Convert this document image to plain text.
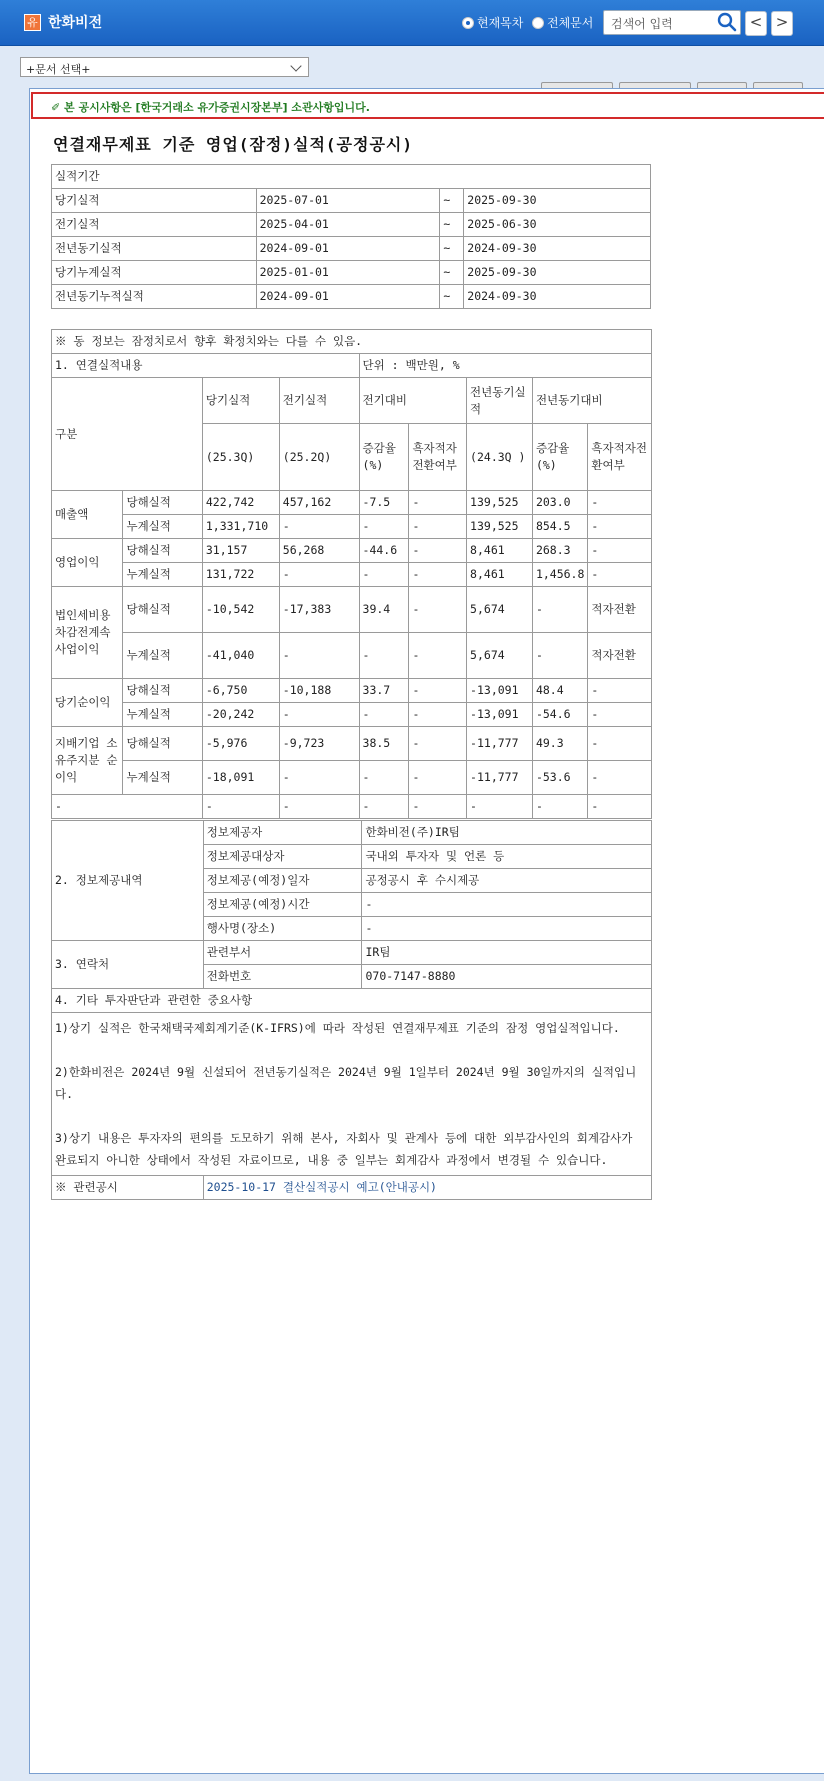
유 한화비전	현재목차 전체문서	검색어 입력	< >
+문서 선택+
✐ 본 공시사항은 [한국거래소 유가증권시장본부] 소관사항입니다.
연결재무제표 기준 영업(잠정)실적(공정공시)
실적기간			
당기실적	2025-07-01	~	2025-09-30
전기실적	2025-04-01	~	2025-06-30
전년동기실적	2024-09-01	~	2024-09-30
당기누계실적	2025-01-01	~	2025-09-30
전년동기누적실적	2024-09-01	~	2024-09-30
※ 동 정보는 잠정치로서 향후 확정치와는 다를 수 있음.								
1. 연결실적내용				단위 : 백만원, %				
구분		당기실적	전기실적	전기대비		전년동기실적	전년동기대비	
		(25.3Q)	(25.2Q)	증감율(%)	흑자적자전환여부	(24.3Q )	증감율(%)	흑자적자전환여부
매출액	당해실적	422,742	457,162	-7.5	-	139,525	203.0	-
	누계실적	1,331,710	-	-	-	139,525	854.5	-
영업이익	당해실적	31,157	56,268	-44.6	-	8,461	268.3	-
	누계실적	131,722	-	-	-	8,461	1,456.8	-
법인세비용차감전계속사업이익	당해실적	-10,542	-17,383	39.4	-	5,674	-	적자전환
	누계실적	-41,040	-	-	-	5,674	-	적자전환
당기순이익	당해실적	-6,750	-10,188	33.7	-	-13,091	48.4	-
	누계실적	-20,242	-	-	-	-13,091	-54.6	-
지배기업 소유주지분 순이익	당해실적	-5,976	-9,723	38.5	-	-11,777	49.3	-
	누계실적	-18,091	-	-	-	-11,777	-53.6	-
-		-	-	-	-	-	-	-
2. 정보제공내역	정보제공자	한화비전(주)IR팀
	정보제공대상자	국내외 투자자 및 언론 등
	정보제공(예정)일자	공정공시 후 수시제공
	정보제공(예정)시간	-
	행사명(장소)	-
3. 연락처	관련부서	IR팀
	전화번호	070-7147-8880
4. 기타 투자판단과 관련한 중요사항		

1)상기 실적은 한국채택국제회계기준(K-IFRS)에 따라 작성된 연결재무제표 기준의 잠정 영업실적입니다.

2)한화비전은 2024년 9월 신설되어 전년동기실적은 2024년 9월 1일부터 2024년 9월 30일까지의 실적입니다.

3)상기 내용은 투자자의 편의를 도모하기 위해 본사, 자회사 및 관계사 등에 대한 외부감사인의 회계감사가 완료되지 아니한 상태에서 작성된 자료이므로, 내용 중 일부는 회계감사 과정에서 변경될 수 있습니다.		

※ 관련공시	2025-10-17 결산실적공시 예고(안내공시)	
